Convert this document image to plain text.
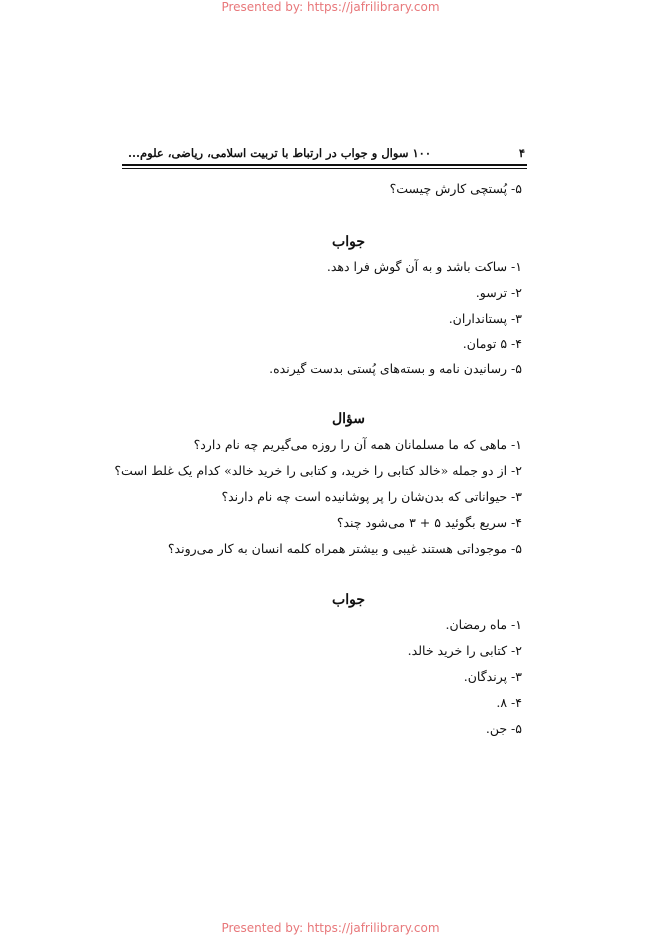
Presented by: https://jafrilibrary.com
۴
۱۰۰ سوال و جواب در ارتباط با تربیت اسلامی، ریاضی، علوم...
۵- پُستچی کارش چیست؟
جواب
۱- ساکت باشد و به آن گوش فرا دهد.
۲- ترسو.
۳- پستانداران.
۴- ۵ تومان.
۵- رسانیدن نامه و بسته‌های پُستی بدست گیرنده.
سؤال
۱- ماهی که ما مسلمانان همه آن را روزه می‌گیریم چه نام دارد؟
۲- از دو جمله «خالد کتابی را خرید، و کتابی را خرید خالد» کدام یک غلط است؟
۳- حیواناتی که بدن‌شان را پر پوشانیده است چه نام دارند؟
۴- سریع بگوئید ۵ + ۳ می‌شود چند؟
۵- موجوداتی هستند غیبی و بیشتر همراه کلمه انسان به کار می‌روند؟
جواب
۱- ماه رمضان.
۲- کتابی را خرید خالد.
۳- پرندگان.
۴- ۸.
۵- جن.
Presented by: https://jafrilibrary.com
